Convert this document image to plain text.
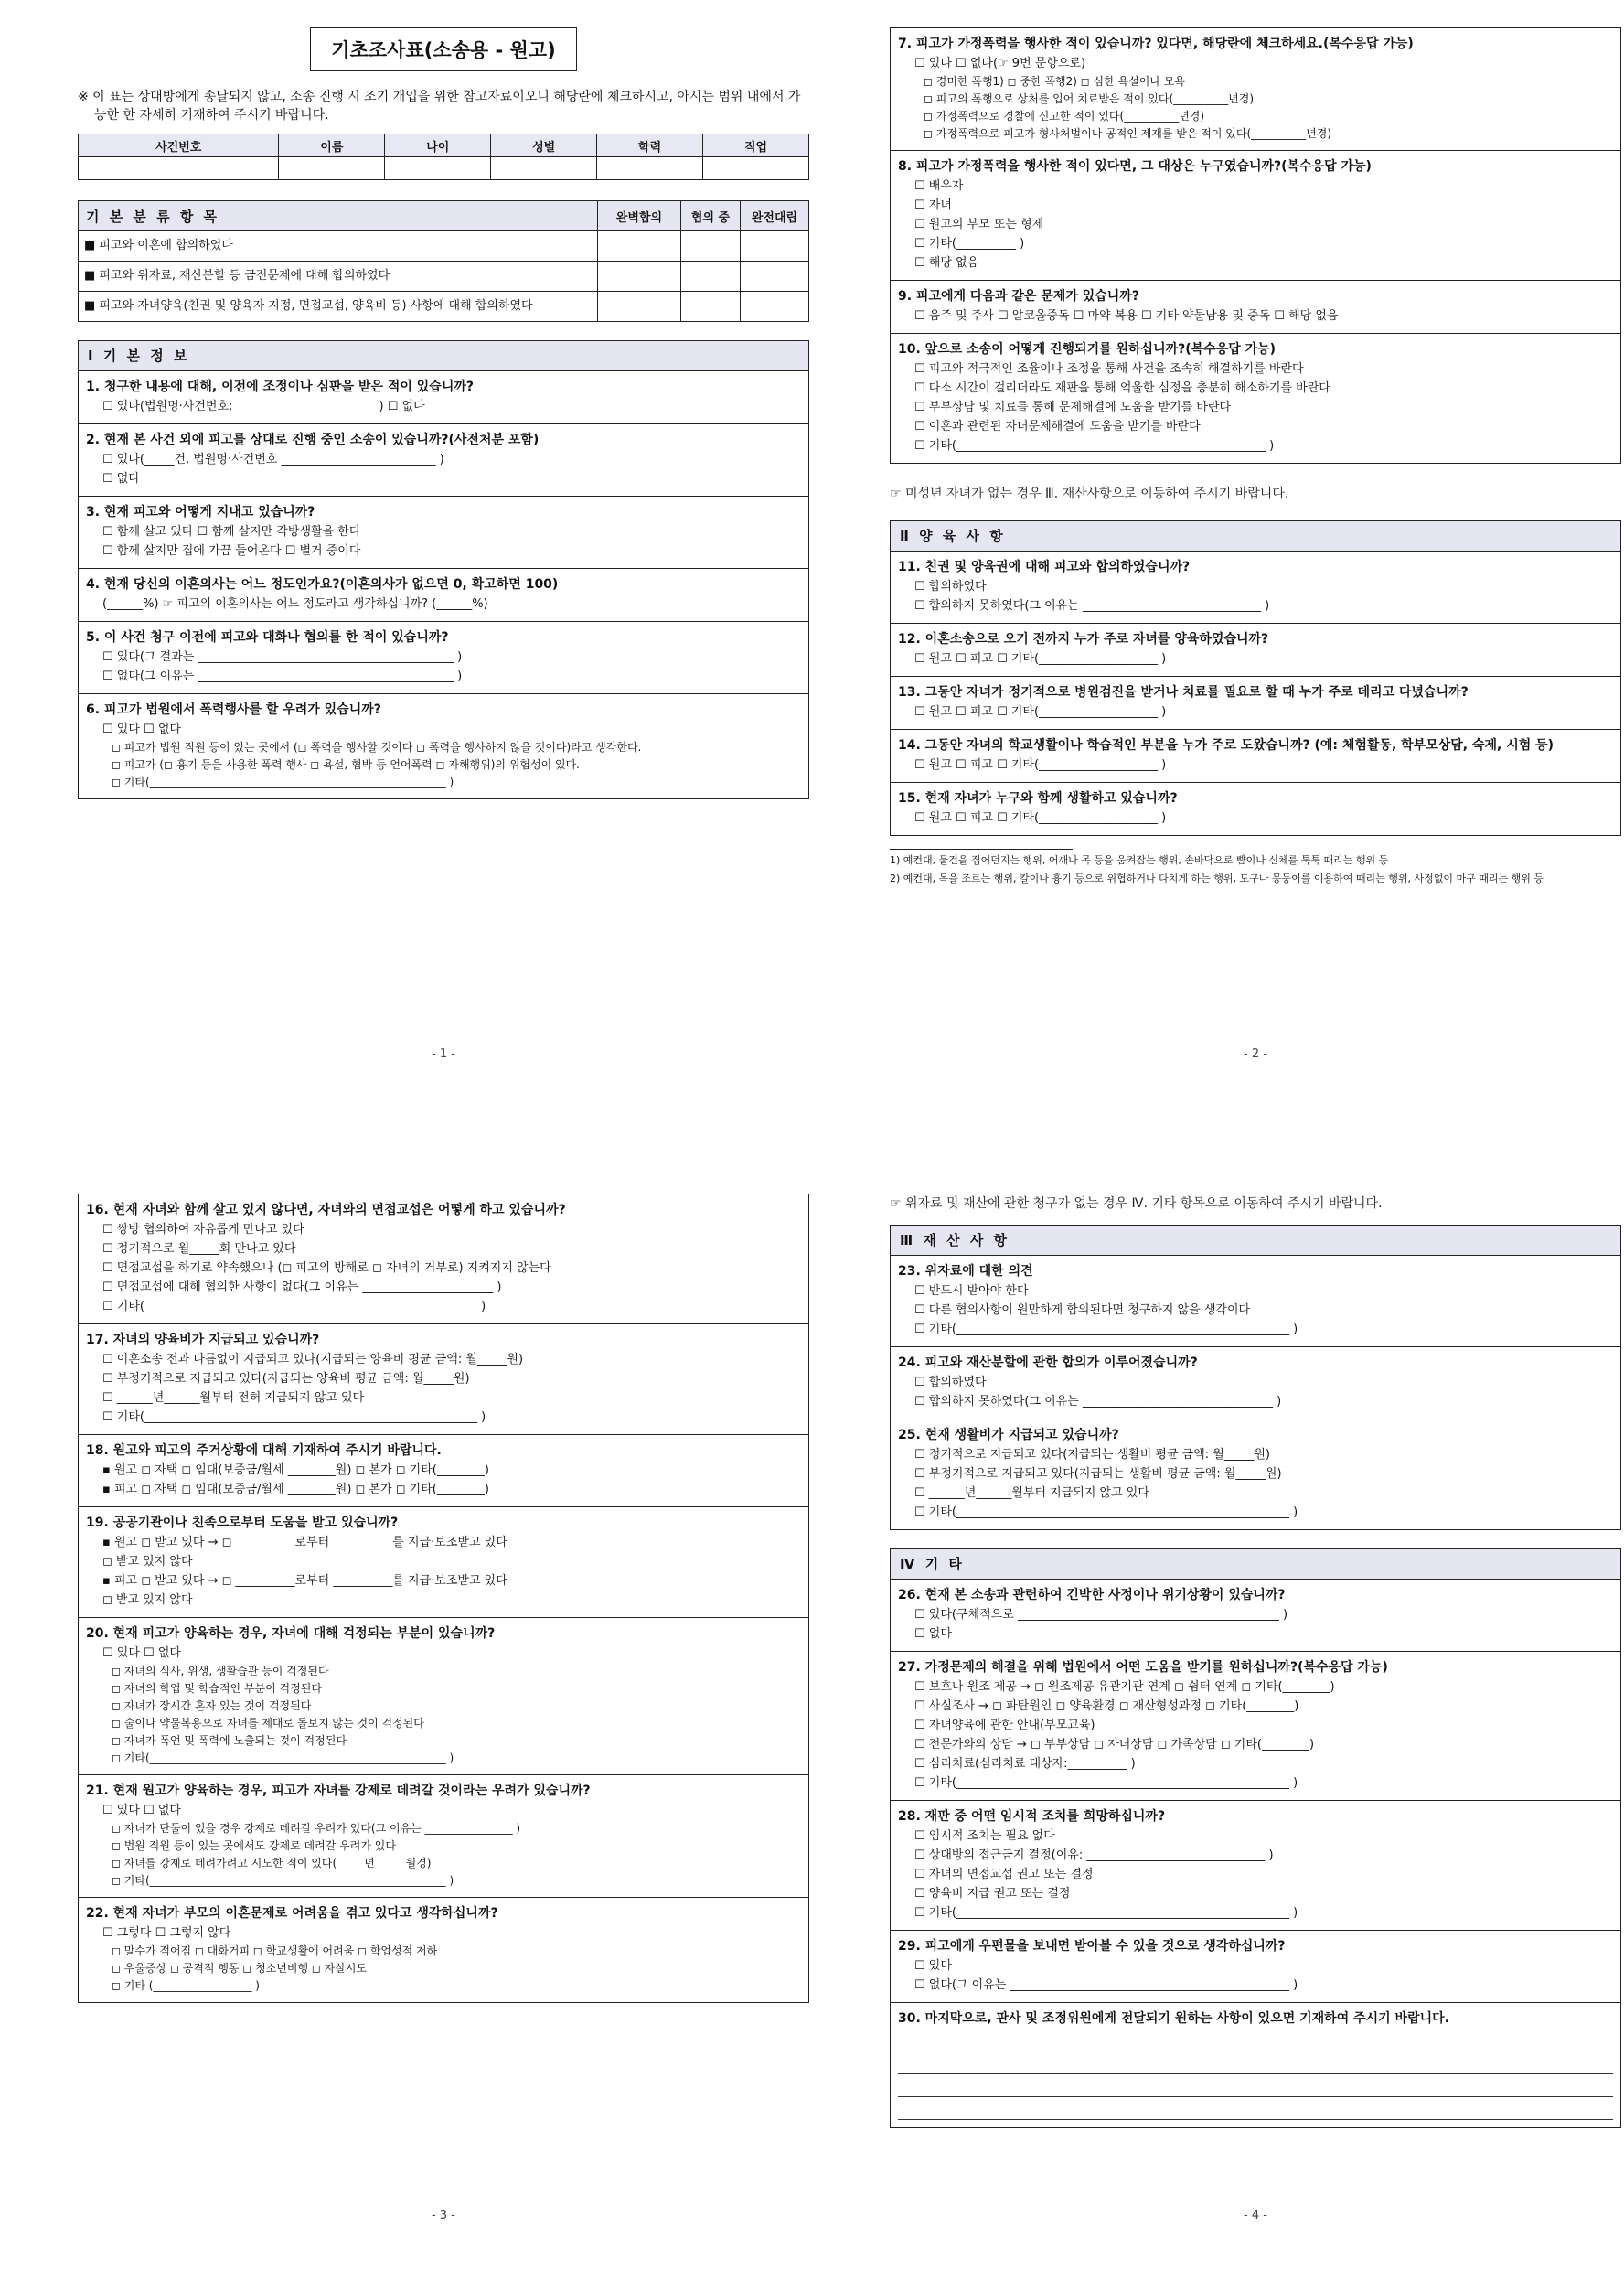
기초조사표(소송용 - 원고)
※ 이 표는 상대방에게 송달되지 않고, 소송 진행 시 조기 개입을 위한 참고자료이오니 해당란에 체크하시고, 아시는 범위 내에서 가능한 한 자세히 기재하여 주시기 바랍니다.
사건번호	이름	나이	성별	학력	직업

기 본 분 류 항 목	완벽합의	협의 중	완전대립
■ 피고와 이혼에 합의하였다			
■ 피고와 위자료, 재산분할 등 금전문제에 대해 합의하였다			
■ 피고와 자녀양육(친권 및 양육자 지정, 면접교섭, 양육비 등) 사항에 대해 합의하였다			
Ⅰ 기 본 정 보
1. 청구한 내용에 대해, 이전에 조정이나 심판을 받은 적이 있습니까?
☐ 있다(법원명·사건번호:________________________ ) ☐ 없다
2. 현재 본 사건 외에 피고를 상대로 진행 중인 소송이 있습니까?(사전처분 포함)
☐ 있다(_____건, 법원명·사건번호 __________________________ )
☐ 없다
3. 현재 피고와 어떻게 지내고 있습니까?
☐ 함께 살고 있다 ☐ 함께 살지만 각방생활을 한다
☐ 함께 살지만 집에 가끔 들어온다 ☐ 별거 중이다
4. 현재 당신의 이혼의사는 어느 정도인가요?(이혼의사가 없으면 0, 확고하면 100)
(______%) ☞ 피고의 이혼의사는 어느 정도라고 생각하십니까? (______%)
5. 이 사건 청구 이전에 피고와 대화나 협의를 한 적이 있습니까?
☐ 있다(그 결과는 ___________________________________________ )
☐ 없다(그 이유는 ___________________________________________ )
6. 피고가 법원에서 폭력행사를 할 우려가 있습니까?
☐ 있다 ☐ 없다
◻ 피고가 법원 직원 등이 있는 곳에서 (◻ 폭력을 행사할 것이다 ◻ 폭력을 행사하지 않을 것이다)라고 생각한다.
◻ 피고가 (◻ 흉기 등을 사용한 폭력 행사 ◻ 욕설, 협박 등 언어폭력 ◻ 자해행위)의 위험성이 있다.
◻ 기타(______________________________________________________ )
- 1 -
7. 피고가 가정폭력을 행사한 적이 있습니까? 있다면, 해당란에 체크하세요.(복수응답 가능)
☐ 있다 ☐ 없다(☞ 9번 문항으로)
◻ 경미한 폭행1) ◻ 중한 폭행2) ◻ 심한 욕설이나 모욕
◻ 피고의 폭행으로 상처를 입어 치료받은 적이 있다(__________년경)
◻ 가정폭력으로 경찰에 신고한 적이 있다(__________년경)
◻ 가정폭력으로 피고가 형사처벌이나 공적인 제재를 받은 적이 있다(__________년경)
8. 피고가 가정폭력을 행사한 적이 있다면, 그 대상은 누구였습니까?(복수응답 가능)
☐ 배우자
☐ 자녀
☐ 원고의 부모 또는 형제
☐ 기타(__________ )
☐ 해당 없음
9. 피고에게 다음과 같은 문제가 있습니까?
☐ 음주 및 주사 ☐ 알코올중독 ☐ 마약 복용 ☐ 기타 약물남용 및 중독 ☐ 해당 없음
10. 앞으로 소송이 어떻게 진행되기를 원하십니까?(복수응답 가능)
☐ 피고와 적극적인 조율이나 조정을 통해 사건을 조속히 해결하기를 바란다
☐ 다소 시간이 걸리더라도 재판을 통해 억울한 심정을 충분히 해소하기를 바란다
☐ 부부상담 및 치료를 통해 문제해결에 도움을 받기를 바란다
☐ 이혼과 관련된 자녀문제해결에 도움을 받기를 바란다
☐ 기타(____________________________________________________ )
☞ 미성년 자녀가 없는 경우 Ⅲ. 재산사항으로 이동하여 주시기 바랍니다.
Ⅱ 양 육 사 항
11. 친권 및 양육권에 대해 피고와 합의하였습니까?
☐ 합의하였다
☐ 합의하지 못하였다(그 이유는 ______________________________ )
12. 이혼소송으로 오기 전까지 누가 주로 자녀를 양육하였습니까?
☐ 원고 ☐ 피고 ☐ 기타(____________________ )
13. 그동안 자녀가 정기적으로 병원검진을 받거나 치료를 필요로 할 때 누가 주로 데리고 다녔습니까?
☐ 원고 ☐ 피고 ☐ 기타(____________________ )
14. 그동안 자녀의 학교생활이나 학습적인 부분을 누가 주로 도왔습니까? (예: 체험활동, 학부모상담, 숙제, 시험 등)
☐ 원고 ☐ 피고 ☐ 기타(____________________ )
15. 현재 자녀가 누구와 함께 생활하고 있습니까?
☐ 원고 ☐ 피고 ☐ 기타(____________________ )
1) 예컨대, 물건을 집어던지는 행위, 어깨나 목 등을 움켜잡는 행위, 손바닥으로 뺨이나 신체를 툭툭 때리는 행위 등
2) 예컨대, 목을 조르는 행위, 칼이나 흉기 등으로 위협하거나 다치게 하는 행위, 도구나 몽둥이를 이용하여 때리는 행위, 사정없이 마구 때리는 행위 등
- 2 -
16. 현재 자녀와 함께 살고 있지 않다면, 자녀와의 면접교섭은 어떻게 하고 있습니까?
☐ 쌍방 협의하여 자유롭게 만나고 있다
☐ 정기적으로 월_____회 만나고 있다
☐ 면접교섭을 하기로 약속했으나 (◻ 피고의 방해로 ◻ 자녀의 거부로) 지켜지지 않는다
☐ 면접교섭에 대해 협의한 사항이 없다(그 이유는 ______________________ )
☐ 기타(________________________________________________________ )
17. 자녀의 양육비가 지급되고 있습니까?
☐ 이혼소송 전과 다름없이 지급되고 있다(지급되는 양육비 평균 금액: 월_____원)
☐ 부정기적으로 지급되고 있다(지급되는 양육비 평균 금액: 월_____원)
☐ ______년______월부터 전혀 지급되지 않고 있다
☐ 기타(________________________________________________________ )
18. 원고와 피고의 주거상황에 대해 기재하여 주시기 바랍니다.
▪ 원고 ◻ 자택 ◻ 임대(보증금/월세 ________원) ◻ 본가 ◻ 기타(________)
▪ 피고 ◻ 자택 ◻ 임대(보증금/월세 ________원) ◻ 본가 ◻ 기타(________)
19. 공공기관이나 친족으로부터 도움을 받고 있습니까?
▪ 원고 ◻ 받고 있다 → ◻ __________로부터 __________를 지급·보조받고 있다
◻ 받고 있지 않다
▪ 피고 ◻ 받고 있다 → ◻ __________로부터 __________를 지급·보조받고 있다
◻ 받고 있지 않다
20. 현재 피고가 양육하는 경우, 자녀에 대해 걱정되는 부분이 있습니까?
☐ 있다 ☐ 없다
◻ 자녀의 식사, 위생, 생활습관 등이 걱정된다
◻ 자녀의 학업 및 학습적인 부분이 걱정된다
◻ 자녀가 장시간 혼자 있는 것이 걱정된다
◻ 술이나 약물복용으로 자녀를 제대로 돌보지 않는 것이 걱정된다
◻ 자녀가 폭언 및 폭력에 노출되는 것이 걱정된다
◻ 기타(______________________________________________________ )
21. 현재 원고가 양육하는 경우, 피고가 자녀를 강제로 데려갈 것이라는 우려가 있습니까?
☐ 있다 ☐ 없다
◻ 자녀가 단둘이 있을 경우 강제로 데려갈 우려가 있다(그 이유는 ________________ )
◻ 법원 직원 등이 있는 곳에서도 강제로 데려갈 우려가 있다
◻ 자녀를 강제로 데려가려고 시도한 적이 있다(_____년 _____월경)
◻ 기타(______________________________________________________ )
22. 현재 자녀가 부모의 이혼문제로 어려움을 겪고 있다고 생각하십니까?
☐ 그렇다 ☐ 그렇지 않다
◻ 말수가 적어짐 ◻ 대화거피 ◻ 학교생활에 어려움 ◻ 학업성적 저하
◻ 우울증상 ◻ 공격적 행동 ◻ 청소년비행 ◻ 자살시도
◻ 기타 (__________________ )
- 3 -
☞ 위자료 및 재산에 관한 청구가 없는 경우 Ⅳ. 기타 항목으로 이동하여 주시기 바랍니다.
Ⅲ 재 산 사 항
23. 위자료에 대한 의견
☐ 반드시 받아야 한다
☐ 다른 협의사항이 원만하게 합의된다면 청구하지 않을 생각이다
☐ 기타(________________________________________________________ )
24. 피고와 재산분할에 관한 합의가 이루어졌습니까?
☐ 합의하였다
☐ 합의하지 못하였다(그 이유는 ________________________________ )
25. 현재 생활비가 지급되고 있습니까?
☐ 정기적으로 지급되고 있다(지급되는 생활비 평균 금액: 월_____원)
☐ 부정기적으로 지급되고 있다(지급되는 생활비 평균 금액: 월_____원)
☐ ______년______월부터 지급되지 않고 있다
☐ 기타(________________________________________________________ )
Ⅳ 기 타
26. 현재 본 소송과 관련하여 긴박한 사정이나 위기상황이 있습니까?
☐ 있다(구체적으로 ____________________________________________ )
☐ 없다
27. 가정문제의 해결을 위해 법원에서 어떤 도움을 받기를 원하십니까?(복수응답 가능)
☐ 보호나 원조 제공 → ◻ 원조제공 유관기관 연계 ◻ 쉼터 연계 ◻ 기타(________)
☐ 사실조사 → ◻ 파탄원인 ◻ 양육환경 ◻ 재산형성과정 ◻ 기타(________)
☐ 자녀양육에 관한 안내(부모교육)
☐ 전문가와의 상담 → ◻ 부부상담 ◻ 자녀상담 ◻ 가족상담 ◻ 기타(________)
☐ 심리치료(심리치료 대상자:__________ )
☐ 기타(________________________________________________________ )
28. 재판 중 어떤 임시적 조치를 희망하십니까?
☐ 임시적 조치는 필요 없다
☐ 상대방의 접근금지 결정(이유: ______________________________ )
☐ 자녀의 면접교섭 권고 또는 결정
☐ 양육비 지급 권고 또는 결정
☐ 기타(________________________________________________________ )
29. 피고에게 우편물을 보내면 받아볼 수 있을 것으로 생각하십니까?
☐ 있다
☐ 없다(그 이유는 _______________________________________________ )
30. 마지막으로, 판사 및 조정위원에게 전달되기 원하는 사항이 있으면 기재하여 주시기 바랍니다.
- 4 -
